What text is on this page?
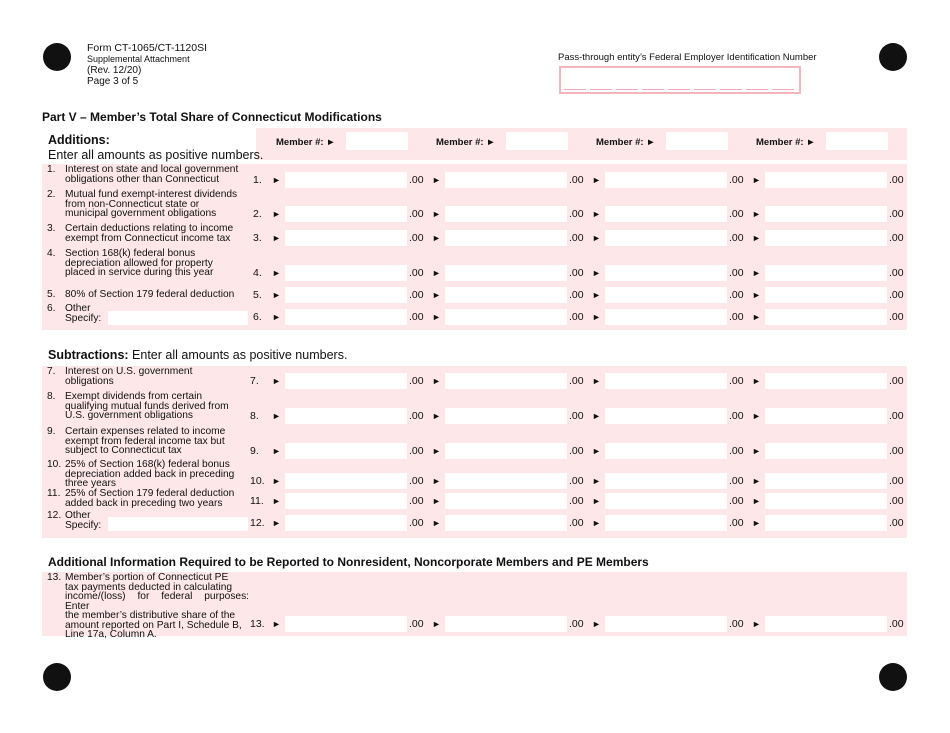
Form CT-1065/CT-1120SI
Supplemental Attachment
(Rev. 12/20)
Page 3 of 5
Pass-through entity’s Federal Employer Identification Number
Part V – Member’s Total Share of Connecticut Modifications
Additions:
Enter all amounts as positive numbers.
Member #: ►	Member #: ►	Member #: ►	Member #: ►
Subtractions: Enter all amounts as positive numbers.
Additional Information Required to be Reported to Nonresident, Noncorporate Members and PE Members
1. Interest on state and local government
obligations other than Connecticut	1. ►	.00 ►	.00 ►	.00 ►	.00
2. Mutual fund exempt-interest dividends
from non-Connecticut state or
municipal government obligations	2. ►	.00 ►	.00 ►	.00 ►	.00
3. Certain deductions relating to income
exempt from Connecticut income tax 3. ►	.00 ►	.00 ►	.00 ►	.00
4. Section 168(k) federal bonus
depreciation allowed for property
placed in service during this year	4. ►	.00 ►	.00 ►	.00 ►	.00
5. 80% of Section 179 federal deduction 5. ►	.00 ►	.00 ►	.00 ►	.00
6. Other
Specify:	6. ►	.00 ►	.00 ►	.00 ►	.00
7. Interest on U.S. government
obligations	7. ►	.00 ►	.00 ►	.00 ►	.00
8. Exempt dividends from certain
qualifying mutual funds derived from
U.S. government obligations	8. ►	.00 ►	.00 ►	.00 ►	.00
9. Certain expenses related to income
exempt from federal income tax but
subject to Connecticut tax	9. ►	.00 ►	.00 ►	.00 ►	.00
10. 25% of Section 168(k) federal bonus
depreciation added back in preceding
three years	10. ►	.00 ►	.00 ►	.00 ►	.00
11. 25% of Section 179 federal deduction
added back in preceding two years	11. ►	.00 ►	.00 ►	.00 ►	.00
12. Other
Specify:	12. ►	.00 ►	.00 ►	.00 ►	.00
13. Member’s portion of Connecticut PE
tax payments deducted in calculating
income/(loss) for federal purposes: Enter
the member’s distributive share of the
amount reported on Part I, Schedule B,
Line 17a, Column A.
13. ►	.00 ►	.00 ►	.00 ►	.00
